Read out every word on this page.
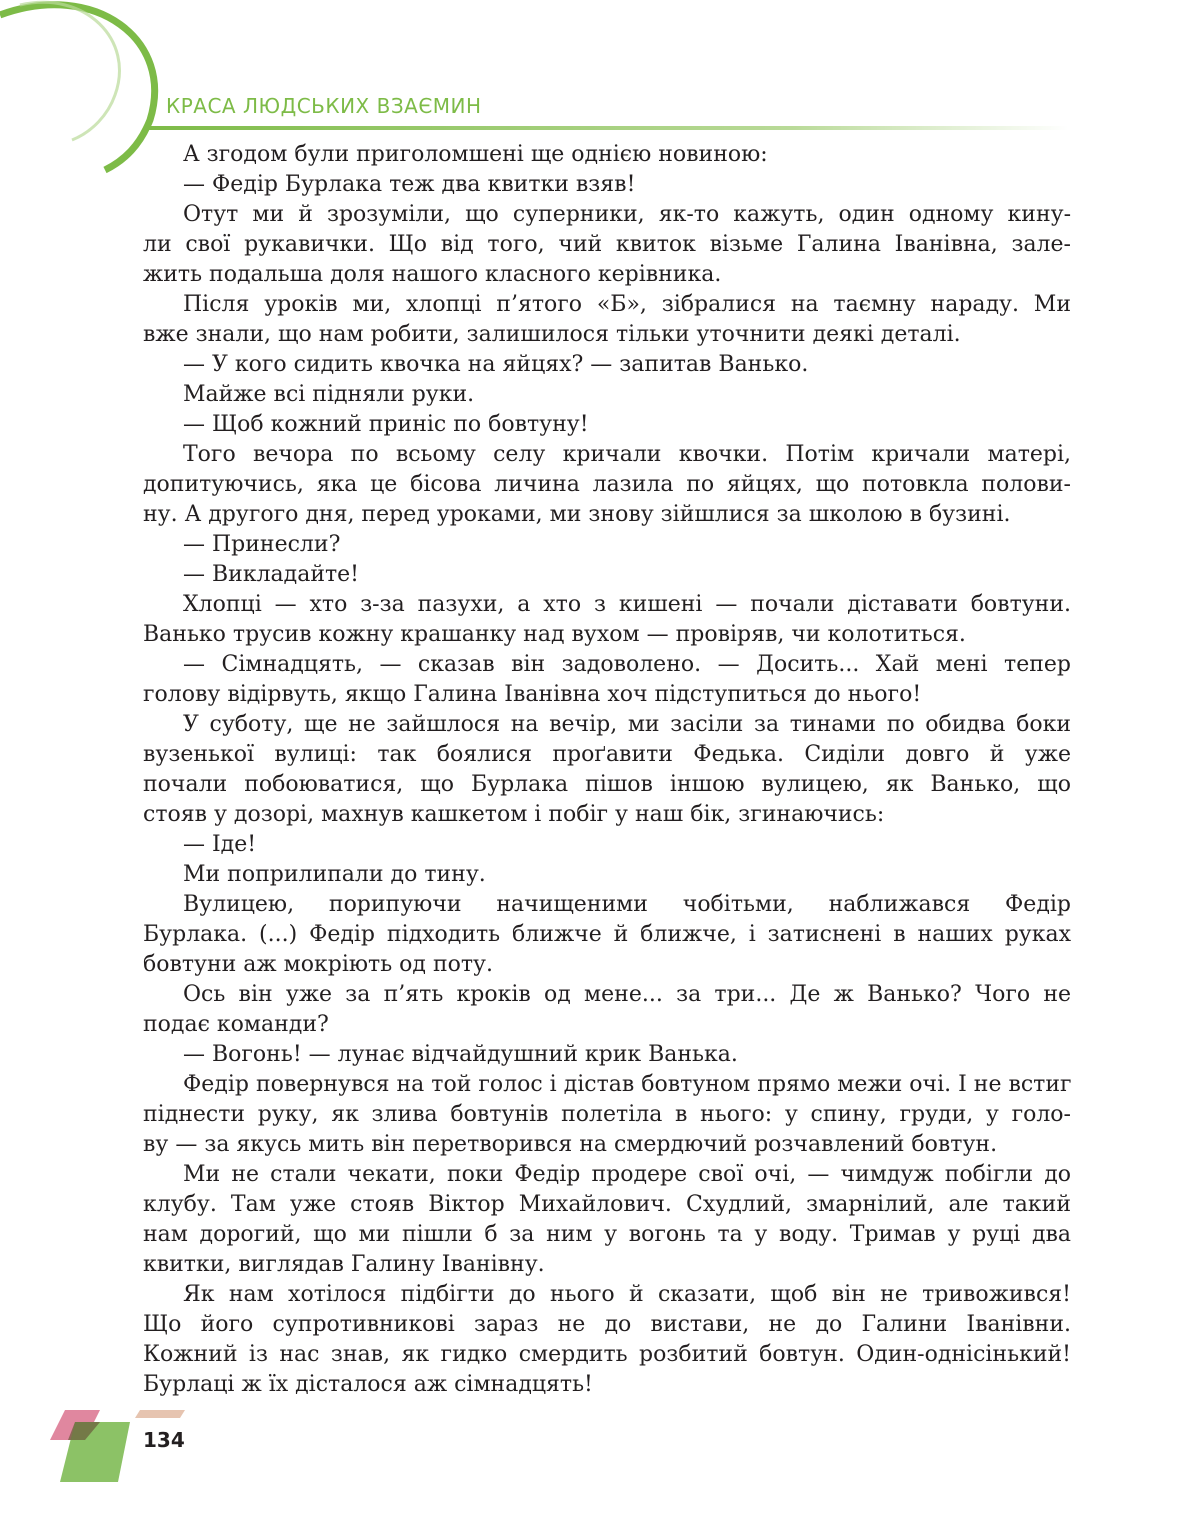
КРАСА ЛЮДСЬКИХ ВЗАЄМИН
А згодом були приголомшені ще однією новиною:
— Федір Бурлака теж два квитки взяв!
Отут ми й зрозуміли, що суперники, як-то кажуть, один одному кину-
ли свої рукавички. Що від того, чий квиток візьме Галина Іванівна, зале-
жить подальша доля нашого класного керівника.
Після уроків ми, хлопці п’ятого «Б», зібралися на таємну нараду. Ми
вже знали, що нам робити, залишилося тільки уточнити деякі деталі.
— У кого сидить квочка на яйцях? — запитав Ванько.
Майже всі підняли руки.
— Щоб кожний приніс по бовтуну!
Того вечора по всьому селу кричали квочки. Потім кричали матері,
допитуючись, яка це бісова личина лазила по яйцях, що потовкла полови-
ну. А другого дня, перед уроками, ми знову зійшлися за школою в бузині.
— Принесли?
— Викладайте!
Хлопці — хто з-за пазухи, а хто з кишені — почали діставати бовтуни.
Ванько трусив кожну крашанку над вухом — провіряв, чи колотиться.
— Сімнадцять, — сказав він задоволено. — Досить... Хай мені тепер
голову відірвуть, якщо Галина Іванівна хоч підступиться до нього!
У суботу, ще не зайшлося на вечір, ми засіли за тинами по обидва боки
вузенької вулиці: так боялися проґавити Федька. Сиділи довго й уже
почали побоюватися, що Бурлака пішов іншою вулицею, як Ванько, що
стояв у дозорі, махнув кашкетом і побіг у наш бік, згинаючись:
— Іде!
Ми поприлипали до тину.
Вулицею, порипуючи начищеними чобітьми, наближався Федір
Бурлака. (...) Федір підходить ближче й ближче, і затиснені в наших руках
бовтуни аж мокріють од поту.
Ось він уже за п’ять кроків од мене... за три... Де ж Ванько? Чого не
подає команди?
— Вогонь! — лунає відчайдушний крик Ванька.
Федір повернувся на той голос і дістав бовтуном прямо межи очі. І не встиг
піднести руку, як злива бовтунів полетіла в нього: у спину, груди, у голо-
ву — за якусь мить він перетворився на смердючий розчавлений бовтун.
Ми не стали чекати, поки Федір продере свої очі, — чимдуж побігли до
клубу. Там уже стояв Віктор Михайлович. Схудлий, змарнілий, але такий
нам дорогий, що ми пішли б за ним у вогонь та у воду. Тримав у руці два
квитки, виглядав Галину Іванівну.
Як нам хотілося підбігти до нього й сказати, щоб він не тривожився!
Що його супротивникові зараз не до вистави, не до Галини Іванівни.
Кожний із нас знав, як гидко смердить розбитий бовтун. Один-однісінький!
Бурлаці ж їх дісталося аж сімнадцять!
134
